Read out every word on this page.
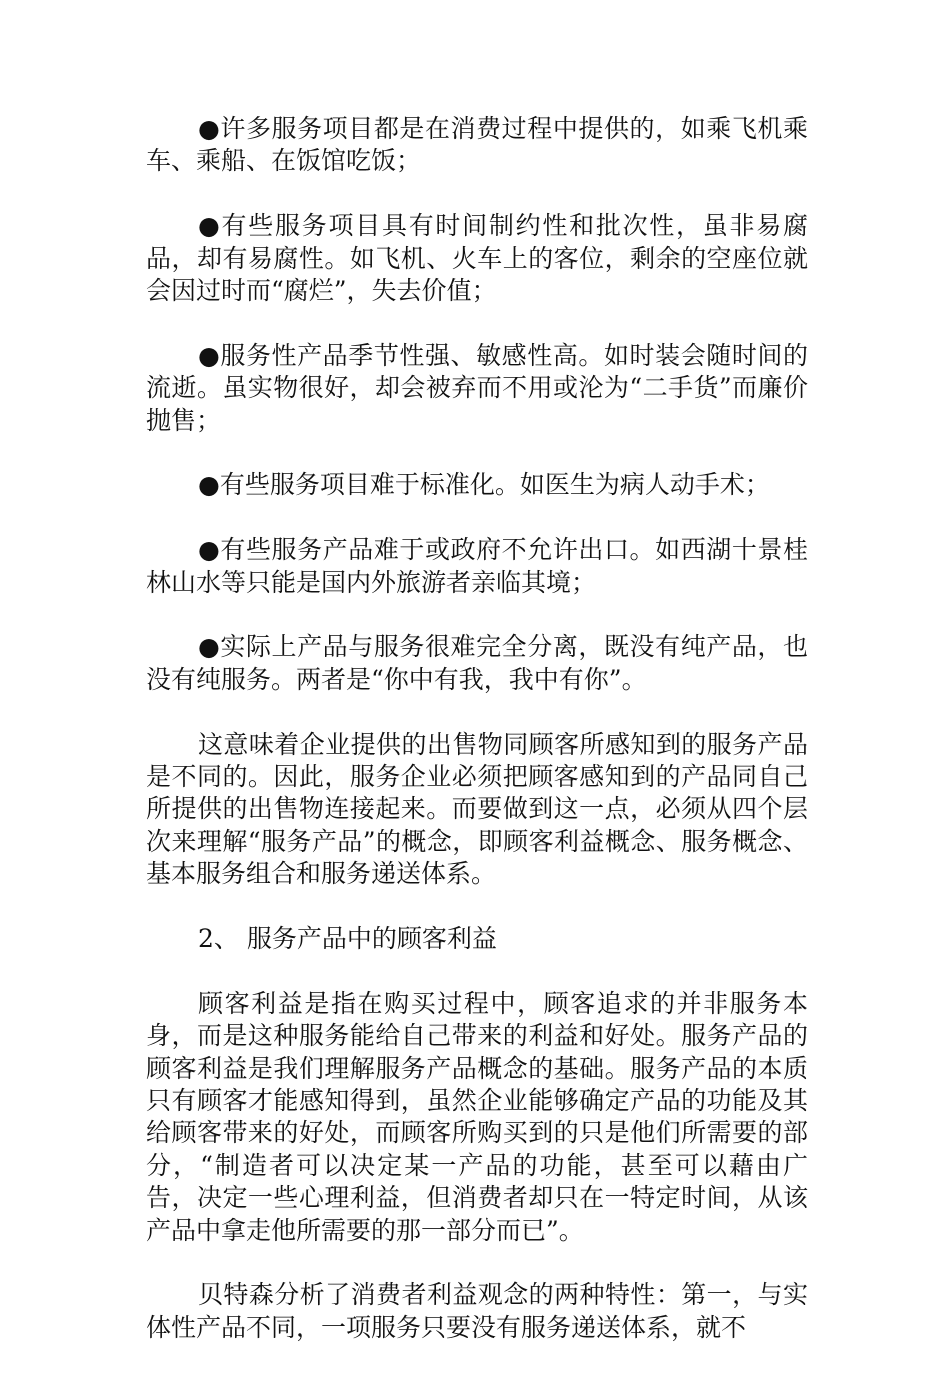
●许多服务项目都是在消费过程中提供的，如乘飞机乘车、乘船、在饭馆吃饭；

●有些服务项目具有时间制约性和批次性，虽非易腐品，却有易腐性。如飞机、火车上的客位，剩余的空座位就会因过时而“腐烂”，失去价值；

●服务性产品季节性强、敏感性高。如时装会随时间的流逝。虽实物很好，却会被弃而不用或沦为“二手货”而廉价抛售；

●有些服务项目难于标准化。如医生为病人动手术；

●有些服务产品难于或政府不允许出口。如西湖十景桂林山水等只能是国内外旅游者亲临其境；

●实际上产品与服务很难完全分离，既没有纯产品，也没有纯服务。两者是“你中有我，我中有你”。

这意味着企业提供的出售物同顾客所感知到的服务产品是不同的。因此，服务企业必须把顾客感知到的产品同自己所提供的出售物连接起来。而要做到这一点，必须从四个层次来理解“服务产品”的概念，即顾客利益概念、服务概念、基本服务组合和服务递送体系。

2、 服务产品中的顾客利益

顾客利益是指在购买过程中，顾客追求的并非服务本身，而是这种服务能给自己带来的利益和好处。服务产品的顾客利益是我们理解服务产品概念的基础。服务产品的本质只有顾客才能感知得到，虽然企业能够确定产品的功能及其给顾客带来的好处，而顾客所购买到的只是他们所需要的部分，“制造者可以决定某一产品的功能，甚至可以藉由广告，决定一些心理利益，但消费者却只在一特定时间，从该产品中拿走他所需要的那一部分而已”。

贝特森分析了消费者利益观念的两种特性：第一，与实体性产品不同，一项服务只要没有服务递送体系，就不
